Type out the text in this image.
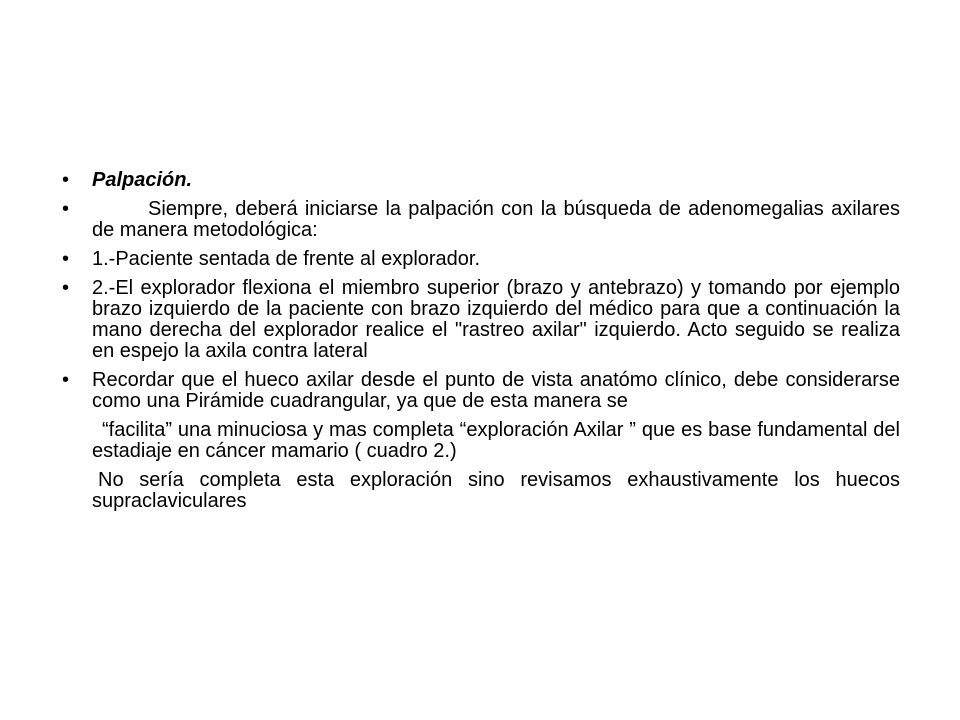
•	Palpación.
•	Siempre, deberá iniciarse la palpación con la búsqueda de adenomegalias axilares de manera metodológica:
•	1.-Paciente sentada de frente al explorador.
•	2.-El explorador flexiona el miembro superior (brazo y antebrazo) y tomando por ejemplo brazo izquierdo de la paciente con brazo izquierdo del médico para que a continuación la mano derecha del explorador realice el "rastreo axilar" izquierdo. Acto seguido se realiza en espejo la axila contra lateral
•	Recordar que el hueco axilar desde el punto de vista anatómo clínico, debe considerarse como una Pirámide cuadrangular, ya que de esta manera se
“facilita” una minuciosa y mas completa “exploración Axilar ” que es base fundamental del estadiaje en cáncer mamario ( cuadro 2.)
No sería completa esta exploración sino revisamos exhaustivamente los huecos supraclaviculares
